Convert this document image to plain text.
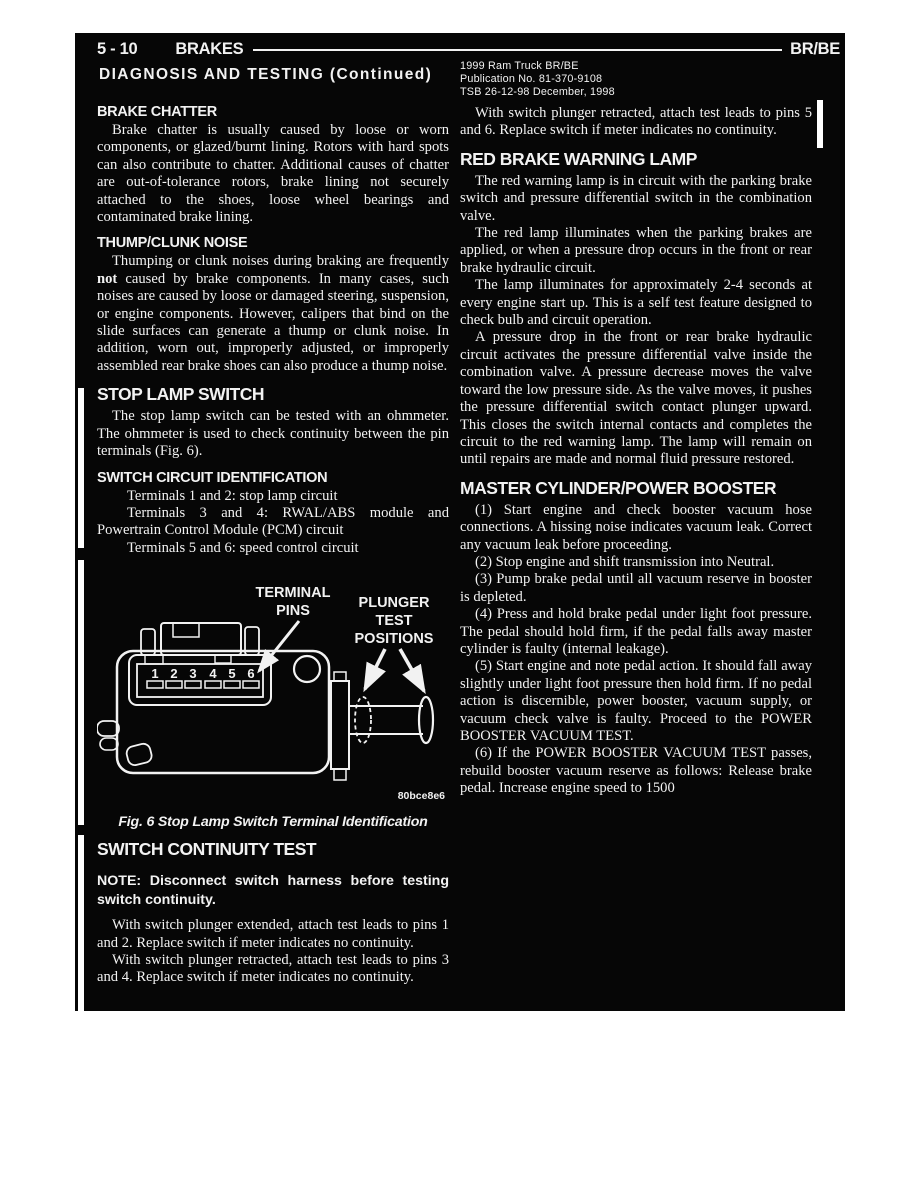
5 - 10 BRAKES	BR/BE
DIAGNOSIS AND TESTING (Continued)
BRAKE CHATTER

Brake chatter is usually caused by loose or worn components, or glazed/burnt lining. Rotors with hard spots can also contribute to chatter. Additional causes of chatter are out-of-tolerance rotors, brake lining not securely attached to the shoes, loose wheel bearings and contaminated brake lining.

THUMP/CLUNK NOISE

Thumping or clunk noises during braking are frequently not caused by brake components. In many cases, such noises are caused by loose or damaged steering, suspension, or engine components. However, calipers that bind on the slide surfaces can generate a thump or clunk noise. In addition, worn out, improperly adjusted, or improperly assembled rear brake shoes can also produce a thump noise.

STOP LAMP SWITCH

The stop lamp switch can be tested with an ohmmeter. The ohmmeter is used to check continuity between the pin terminals (Fig. 6).

SWITCH CIRCUIT IDENTIFICATION

Terminals 1 and 2: stop lamp circuit

Terminals 3 and 4: RWAL/ABS module and Powertrain Control Module (PCM) circuit

Terminals 5 and 6: speed control circuit

TERMINAL
PINS	PLUNGER
TEST
POSITIONS
1 2 3 4 5 6
80bce8e6
Fig. 6 Stop Lamp Switch Terminal Identification
SWITCH CONTINUITY TEST

NOTE: Disconnect switch harness before testing switch continuity.

With switch plunger extended, attach test leads to pins 1 and 2. Replace switch if meter indicates no continuity.

With switch plunger retracted, attach test leads to pins 3 and 4. Replace switch if meter indicates no continuity.

1999 Ram Truck BR/BE
Publication No. 81-370-9108
TSB 26-12-98 December, 1998

With switch plunger retracted, attach test leads to pins 5 and 6. Replace switch if meter indicates no continuity.

RED BRAKE WARNING LAMP

The red warning lamp is in circuit with the parking brake switch and pressure differential switch in the combination valve.

The red lamp illuminates when the parking brakes are applied, or when a pressure drop occurs in the front or rear brake hydraulic circuit.

The lamp illuminates for approximately 2-4 seconds at every engine start up. This is a self test feature designed to check bulb and circuit operation.

A pressure drop in the front or rear brake hydraulic circuit activates the pressure differential valve inside the combination valve. A pressure decrease moves the valve toward the low pressure side. As the valve moves, it pushes the pressure differential switch contact plunger upward. This closes the switch internal contacts and completes the circuit to the red warning lamp. The lamp will remain on until repairs are made and normal fluid pressure restored.

MASTER CYLINDER/POWER BOOSTER

(1) Start engine and check booster vacuum hose connections. A hissing noise indicates vacuum leak. Correct any vacuum leak before proceeding.

(2) Stop engine and shift transmission into Neutral.

(3) Pump brake pedal until all vacuum reserve in booster is depleted.

(4) Press and hold brake pedal under light foot pressure. The pedal should hold firm, if the pedal falls away master cylinder is faulty (internal leakage).

(5) Start engine and note pedal action. It should fall away slightly under light foot pressure then hold firm. If no pedal action is discernible, power booster, vacuum supply, or vacuum check valve is faulty. Proceed to the POWER BOOSTER VACUUM TEST.

(6) If the POWER BOOSTER VACUUM TEST passes, rebuild booster vacuum reserve as follows: Release brake pedal. Increase engine speed to 1500
